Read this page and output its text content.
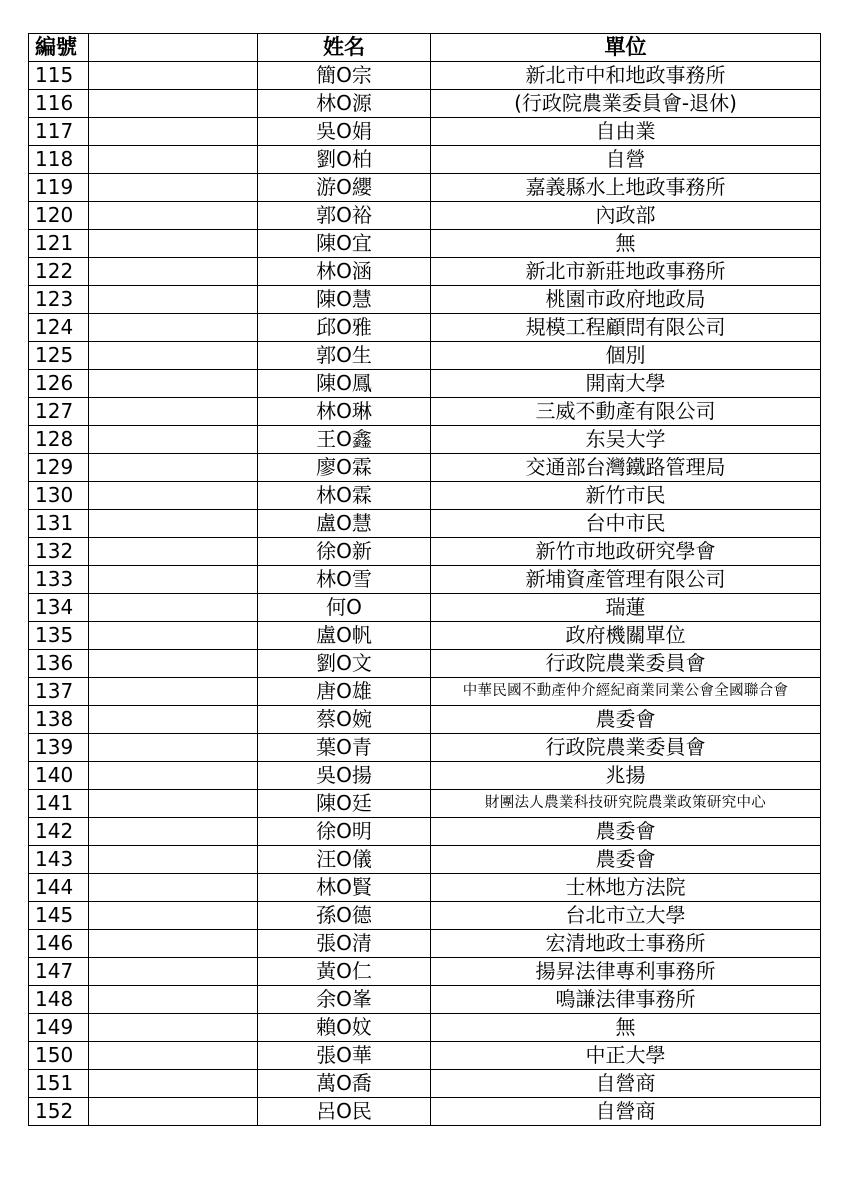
編號		姓名	單位
115		簡O宗	新北市中和地政事務所
116		林O源	(行政院農業委員會-退休)
117		吳O娟	自由業
118		劉O柏	自營
119		游O纓	嘉義縣水上地政事務所
120		郭O裕	內政部
121		陳O宜	無
122		林O涵	新北市新莊地政事務所
123		陳O慧	桃園市政府地政局
124		邱O雅	規模工程顧問有限公司
125		郭O生	個別
126		陳O鳳	開南大學
127		林O琳	三威不動產有限公司
128		王O鑫	东吴大学
129		廖O霖	交通部台灣鐵路管理局
130		林O霖	新竹市民
131		盧O慧	台中市民
132		徐O新	新竹市地政研究學會
133		林O雪	新埔資產管理有限公司
134		何O	瑞蓮
135		盧O帆	政府機關單位
136		劉O文	行政院農業委員會
137		唐O雄	中華民國不動產仲介經紀商業同業公會全國聯合會
138		蔡O婉	農委會
139		葉O青	行政院農業委員會
140		吳O揚	兆揚
141		陳O廷	財團法人農業科技研究院農業政策研究中心
142		徐O明	農委會
143		汪O儀	農委會
144		林O賢	士林地方法院
145		孫O德	台北市立大學
146		張O清	宏清地政士事務所
147		黃O仁	揚昇法律專利事務所
148		余O峯	鳴謙法律事務所
149		賴O妏	無
150		張O華	中正大學
151		萬O喬	自營商
152		呂O民	自營商
